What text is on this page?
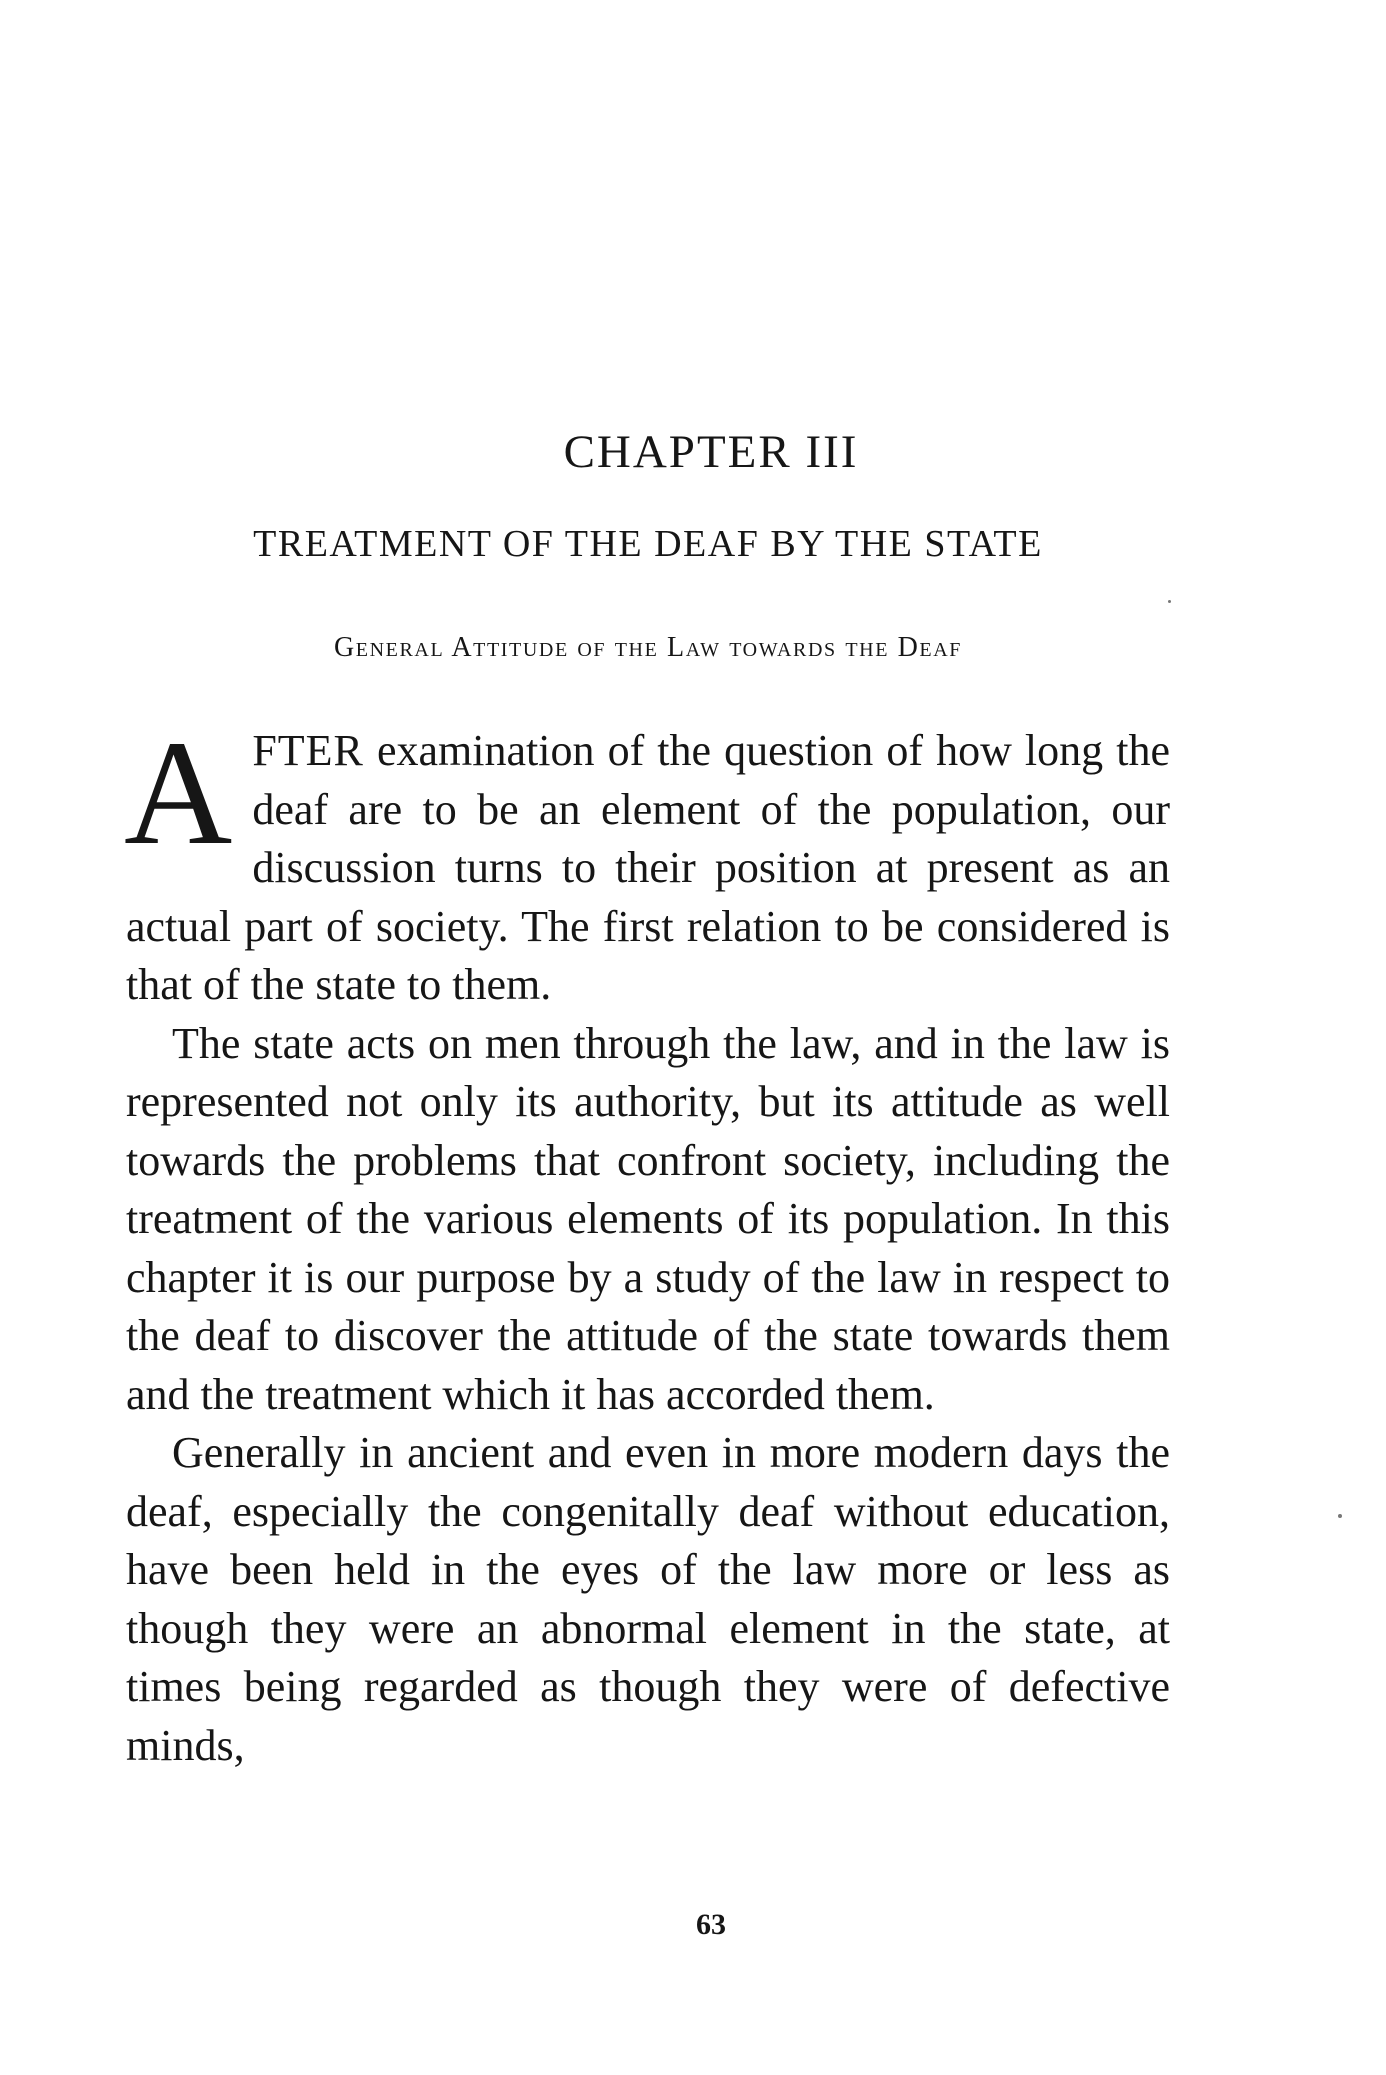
CHAPTER III
TREATMENT OF THE DEAF BY THE STATE
General Attitude of the Law towards the Deaf

AFTER examination of the question of how long the deaf are to be an element of the population, our discussion turns to their position at present as an actual part of society. The first relation to be considered is that of the state to them.

The state acts on men through the law, and in the law is represented not only its authority, but its attitude as well towards the problems that confront society, including the treatment of the various elements of its population. In this chapter it is our purpose by a study of the law in respect to the deaf to discover the attitude of the state towards them and the treatment which it has accorded them.

Generally in ancient and even in more modern days the deaf, especially the congenitally deaf without education, have been held in the eyes of the law more or less as though they were an abnormal element in the state, at times being regarded as though they were of defective minds,

63
